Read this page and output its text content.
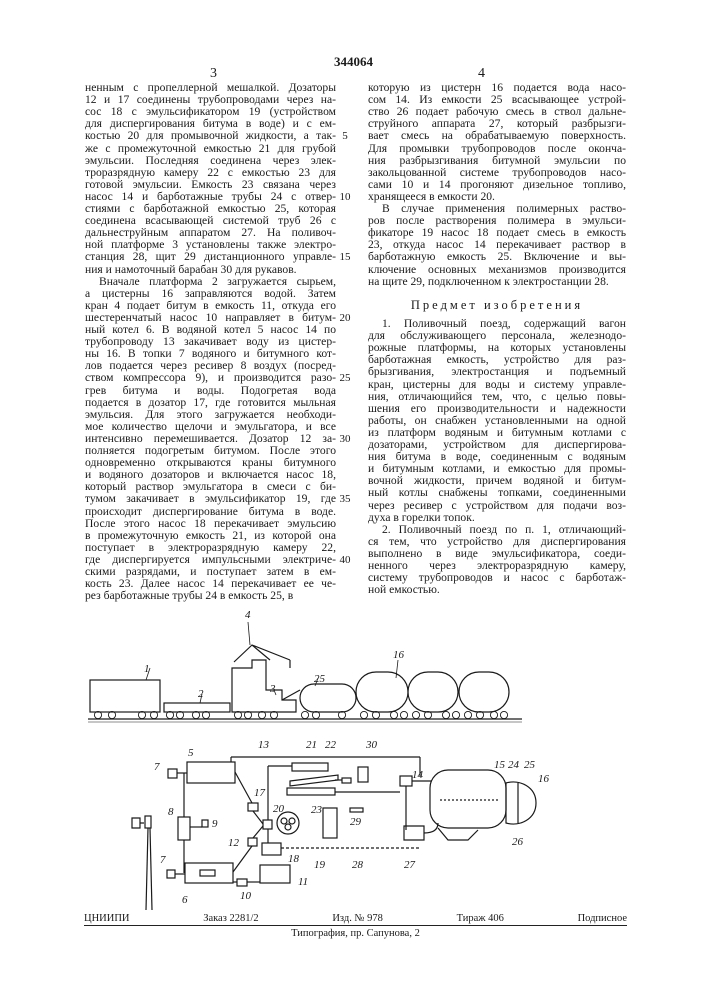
344064
3	4
ненным с пропеллерной мешалкой. Дозаторы
12 и 17 соединены трубопроводами через на-
сос 18 с эмульсификатором 19 (устройством
для диспергирования битума в воде) и с ем-
костью 20 для промывочной жидкости, а так-
же с промежуточной емкостью 21 для грубой
эмульсии. Последняя соединена через элек-
троразрядную камеру 22 с емкостью 23 для
готовой эмульсии. Емкость 23 связана через
насос 14 и барботажные трубы 24 с отвер-
стиями с барботажной емкостью 25, которая
соединена всасывающей системой труб 26 с
дальнеструйным аппаратом 27. На поливоч-
ной платформе 3 установлены также электро-
станция 28, щит 29 дистанционного управле-
ния и намоточный барабан 30 для рукавов.
Вначале платформа 2 загружается сырьем,
а цистерны 16 заправляются водой. Затем
кран 4 подает битум в емкость 11, откуда его
шестеренчатый насос 10 направляет в битум-
ный котел 6. В водяной котел 5 насос 14 по
трубопроводу 13 закачивает воду из цистер-
ны 16. В топки 7 водяного и битумного кот-
лов подается через ресивер 8 воздух (посред-
ством компрессора 9), и производится разо-
грев битума и воды. Подогретая вода
подается в дозатор 17, где готовится мыльная
эмульсия. Для этого загружается необходи-
мое количество щелочи и эмульгатора, и все
интенсивно перемешивается. Дозатор 12 за-
полняется подогретым битумом. После этого
одновременно открываются краны битумного
и водяного дозаторов и включается насос 18,
который раствор эмульгатора в смеси с би-
тумом закачивает в эмульсификатор 19, где
происходит диспергирование битума в воде.
После этого насос 18 перекачивает эмульсию
в промежуточную емкость 21, из которой она
поступает в электроразрядную камеру 22,
где диспергируется импульсными электриче-
скими разрядами, и поступает затем в ем-
кость 23. Далее насос 14 перекачивает ее че-
рез барботажные трубы 24 в емкость 25, в
которую из цистерн 16 подается вода насо-
сом 14. Из емкости 25 всасывающее устрой-
ство 26 подает рабочую смесь в ствол дальне-
струйного аппарата 27, который разбрызги-
вает смесь на обрабатываемую поверхность.
Для промывки трубопроводов после оконча-
ния разбрызгивания битумной эмульсии по
закольцованной системе трубопроводов насо-
сами 10 и 14 прогоняют дизельное топливо,
хранящееся в емкости 20.
В случае применения полимерных раство-
ров после растворения полимера в эмульси-
фикаторе 19 насос 18 подает смесь в емкость
23, откуда насос 14 перекачивает раствор в
барботажную емкость 25. Включение и вы-
ключение основных механизмов производится
на щите 29, подключенном к электростанции 28.
1. Поливочный поезд, содержащий вагон
для обслуживающего персонала, железнодо-
рожные платформы, на которых установлены
барботажная емкость, устройство для раз-
брызгивания, электростанция и подъемный
кран, цистерны для воды и систему управле-
ния, отличающийся тем, что, с целью повы-
шения его производительности и надежности
работы, он снабжен установленными на одной
из платформ водяным и битумным котлами с
дозаторами, устройством для диспергирова-
ния битума в воде, соединенным с водяным
и битумным котлами, и емкостью для промы-
вочной жидкости, причем водяной и битум-
ный котлы снабжены топками, соединенными
через ресивер с устройством для подачи воз-
духа в горелки топок.
2. Поливочный поезд по п. 1, отличающий-
ся тем, что устройство для диспергирования
выполнено в виде эмульсификатора, соеди-
ненного через электроразрядную камеру,
систему трубопроводов и насос с барботаж-
ной емкостью.
Предмет изобретения
5
10
15
20
25
30
35
40
1
2
4
3
25
16
5
7
8
9
7
6	10
11
12
17
20
19
18
13	21 22	30
23
29
28
14
15 24 25
16
27
26
ЦНИИПИ	Заказ 2281/2	Изд. № 978	Тираж 406	Подписное
Типография, пр. Сапунова, 2
